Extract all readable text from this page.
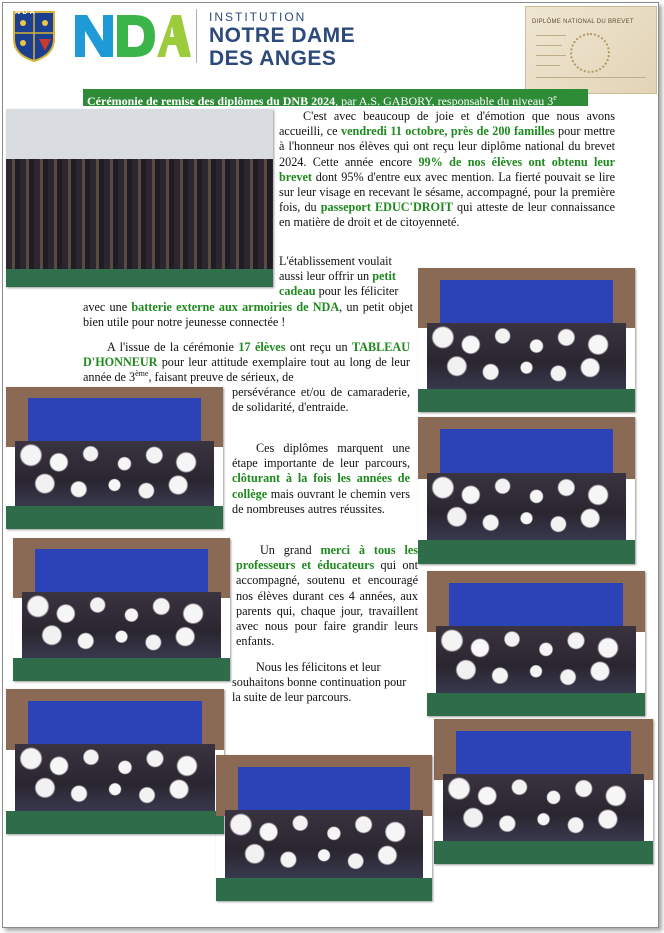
N·D·A	NDA	INSTITUTION
NOTRE DAME
DES ANGES
DIPLÔME NATIONAL DU BREVET
Cérémonie de remise des diplômes du DNB 2024, par A.S. GABORY, responsable du niveau 3e
C'est avec beaucoup de joie et d'émotion que nous avons accueilli, ce vendredi 11 octobre, près de 200 familles pour mettre à l'honneur nos élèves qui ont reçu leur diplôme national du brevet 2024. Cette année encore 99% de nos élèves ont obtenu leur brevet dont 95% d'entre eux avec mention. La fierté pouvait se lire sur leur visage en recevant le sésame, accompagné, pour la première fois, du passeport EDUC'DROIT qui atteste de leur connaissance en matière de droit et de citoyenneté.
L'établissement voulait aussi leur offrir un petit cadeau pour les féliciter
avec une batterie externe aux armoiries de NDA, un petit objet bien utile pour notre jeunesse connectée !
A l'issue de la cérémonie 17 élèves ont reçu un TABLEAU D'HONNEUR pour leur attitude exemplaire tout au long de leur année de 3ème, faisant preuve de sérieux, de
persévérance et/ou de camaraderie, de solidarité, d'entraide.
Ces diplômes marquent une étape importante de leur parcours, clôturant à la fois les années de collège mais ouvrant le chemin vers de nombreuses autres réussites.
Un grand merci à tous les professeurs et éducateurs qui ont accompagné, soutenu et encouragé nos élèves durant ces 4 années, aux parents qui, chaque jour, travaillent avec nous pour faire grandir leurs enfants.
Nous les félicitons et leur souhaitons bonne continuation pour la suite de leur parcours.
